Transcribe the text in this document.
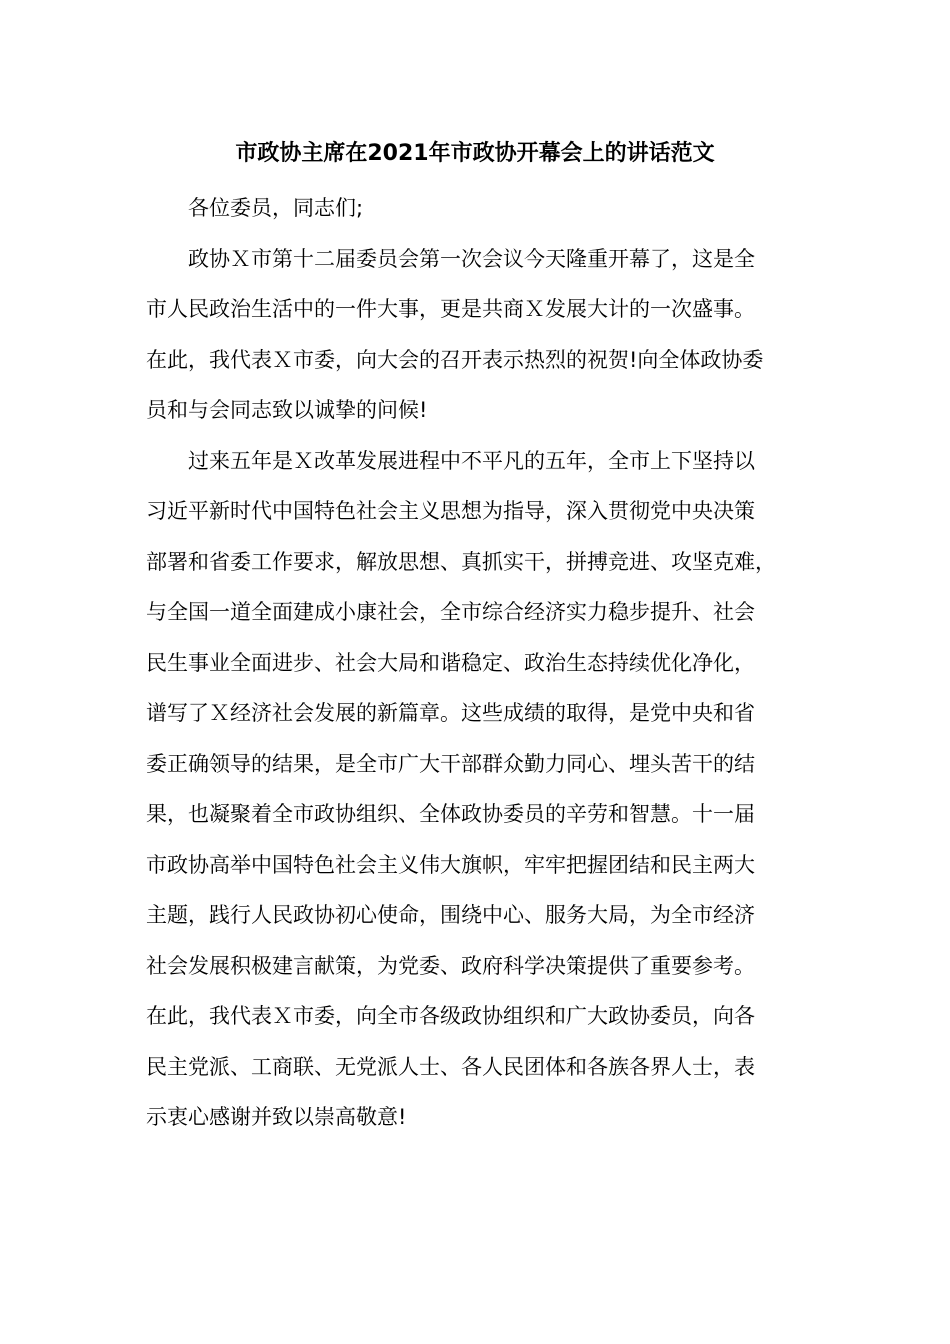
市政协主席在2021年市政协开幕会上的讲话范文
各位委员，同志们;
政协Ｘ市第十二届委员会第一次会议今天隆重开幕了，这是全
市人民政治生活中的一件大事，更是共商Ｘ发展大计的一次盛事。
在此，我代表Ｘ市委，向大会的召开表示热烈的祝贺!向全体政协委
员和与会同志致以诚挚的问候!
过来五年是Ｘ改革发展进程中不平凡的五年，全市上下坚持以
习近平新时代中国特色社会主义思想为指导，深入贯彻党中央决策
部署和省委工作要求，解放思想、真抓实干，拼搏竞进、攻坚克难，
与全国一道全面建成小康社会，全市综合经济实力稳步提升、社会
民生事业全面进步、社会大局和谐稳定、政治生态持续优化净化，
谱写了Ｘ经济社会发展的新篇章。这些成绩的取得，是党中央和省
委正确领导的结果，是全市广大干部群众勤力同心、埋头苦干的结
果，也凝聚着全市政协组织、全体政协委员的辛劳和智慧。十一届
市政协高举中国特色社会主义伟大旗帜，牢牢把握团结和民主两大
主题，践行人民政协初心使命，围绕中心、服务大局，为全市经济
社会发展积极建言献策，为党委、政府科学决策提供了重要参考。
在此，我代表Ｘ市委，向全市各级政协组织和广大政协委员，向各
民主党派、工商联、无党派人士、各人民团体和各族各界人士，表
示衷心感谢并致以崇高敬意!
